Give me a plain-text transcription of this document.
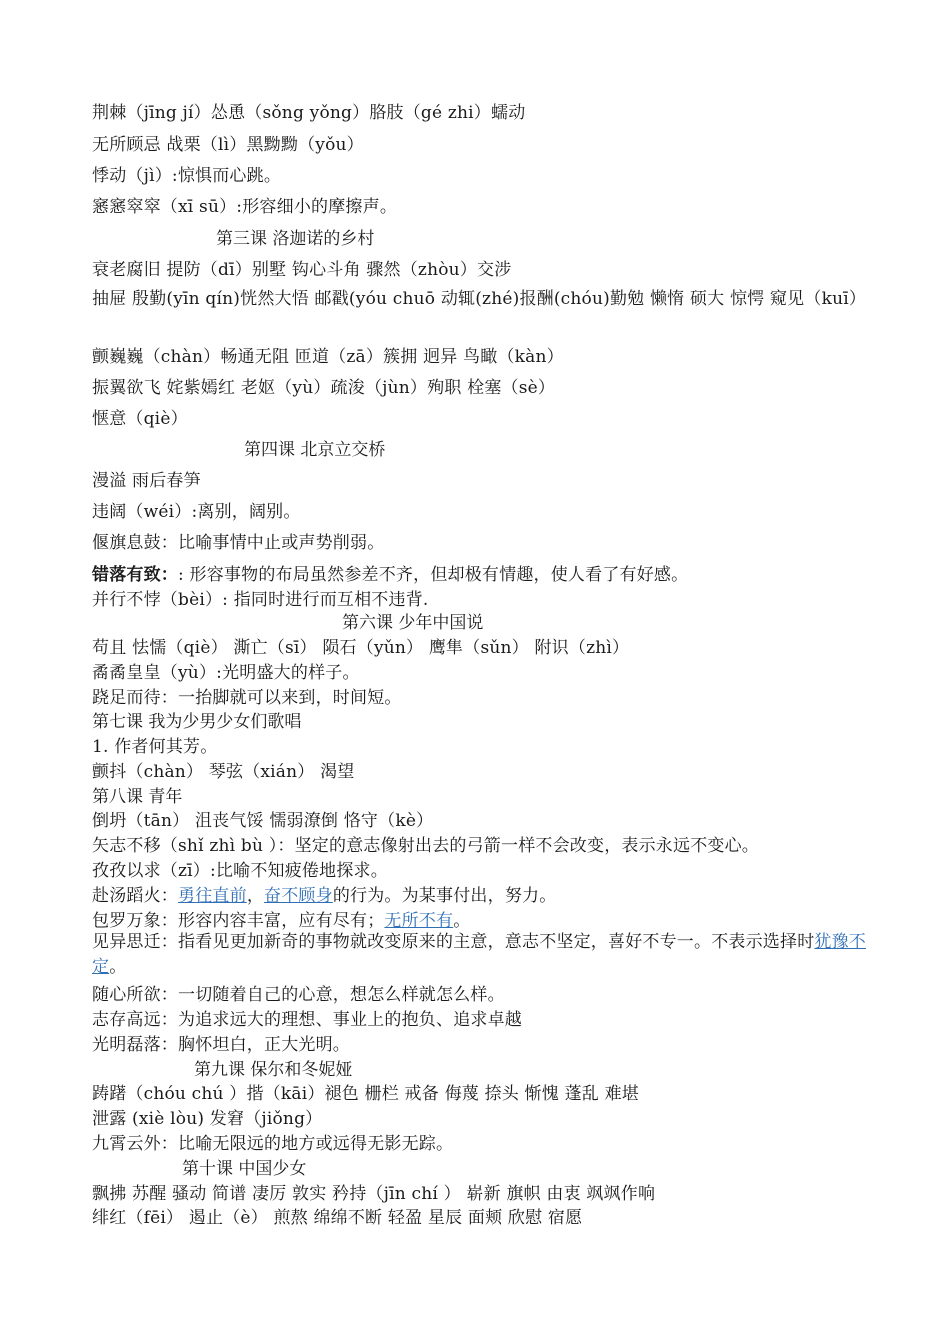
荆棘（jīng jí）怂恿（sǒng yǒng）胳肢（gé zhi）蠕动
无所顾忌 战栗（lì）黑黝黝（yǒu）
悸动（jì）:惊惧而心跳。
窸窸窣窣（xī sū）:形容细小的摩擦声。
第三课 洛迦诺的乡村
衰老腐旧 提防（dī）别墅 钩心斗角 骤然（zhòu）交涉
抽屉 殷勤(yīn qín)恍然大悟 邮戳(yóu chuō 动辄(zhé)报酬(chóu)勤勉 懒惰 硕大 惊愕 窥见（kuī）
颤巍巍（chàn）畅通无阻 匝道（zā）簇拥 迥异 鸟瞰（kàn）
振翼欲飞 姹紫嫣红 老妪（yù）疏浚（jùn）殉职 栓塞（sè）
惬意（qiè）
第四课 北京立交桥
漫溢 雨后春笋
违阔（wéi）:离别，阔别。
偃旗息鼓：比喻事情中止或声势削弱。
错落有致：: 形容事物的布局虽然参差不齐，但却极有情趣，使人看了有好感。
并行不悖（bèi）: 指同时进行而互相不违背.
第六课 少年中国说
苟且 怯懦（qiè） 澌亡（sī） 陨石（yǔn） 鹰隼（sǔn） 附识（zhì）
矞矞皇皇（yù）:光明盛大的样子。
跷足而待：一抬脚就可以来到，时间短。
第七课 我为少男少女们歌唱
1. 作者何其芳。
颤抖（chàn） 琴弦（xián） 渴望
第八课 青年
倒坍（tān） 沮丧气馁 懦弱潦倒 恪守（kè）
矢志不移（shǐ zhì bù ）：坚定的意志像射出去的弓箭一样不会改变，表示永远不变心。
孜孜以求（zī）:比喻不知疲倦地探求。
赴汤蹈火：勇往直前，奋不顾身的行为。为某事付出，努力。
包罗万象：形容内容丰富，应有尽有；无所不有。
见异思迁：指看见更加新奇的事物就改变原来的主意，意志不坚定，喜好不专一。不表示选择时犹豫不定。
随心所欲：一切随着自己的心意，想怎么样就怎么样。
志存高远：为追求远大的理想、事业上的抱负、追求卓越
光明磊落：胸怀坦白，正大光明。
第九课 保尔和冬妮娅
踌躇（chóu chú ）揩（kāi）褪色 栅栏 戒备 侮蔑 捺头 惭愧 蓬乱 难堪
泄露 (xiè lòu) 发窘（jiǒng）
九霄云外：比喻无限远的地方或远得无影无踪。
第十课 中国少女
飘拂 苏醒 骚动 简谱 凄厉 敦实 矜持（jīn chí ） 崭新 旗帜 由衷 飒飒作响
绯红（fēi） 遏止（è） 煎熬 绵绵不断 轻盈 星辰 面颊 欣慰 宿愿
